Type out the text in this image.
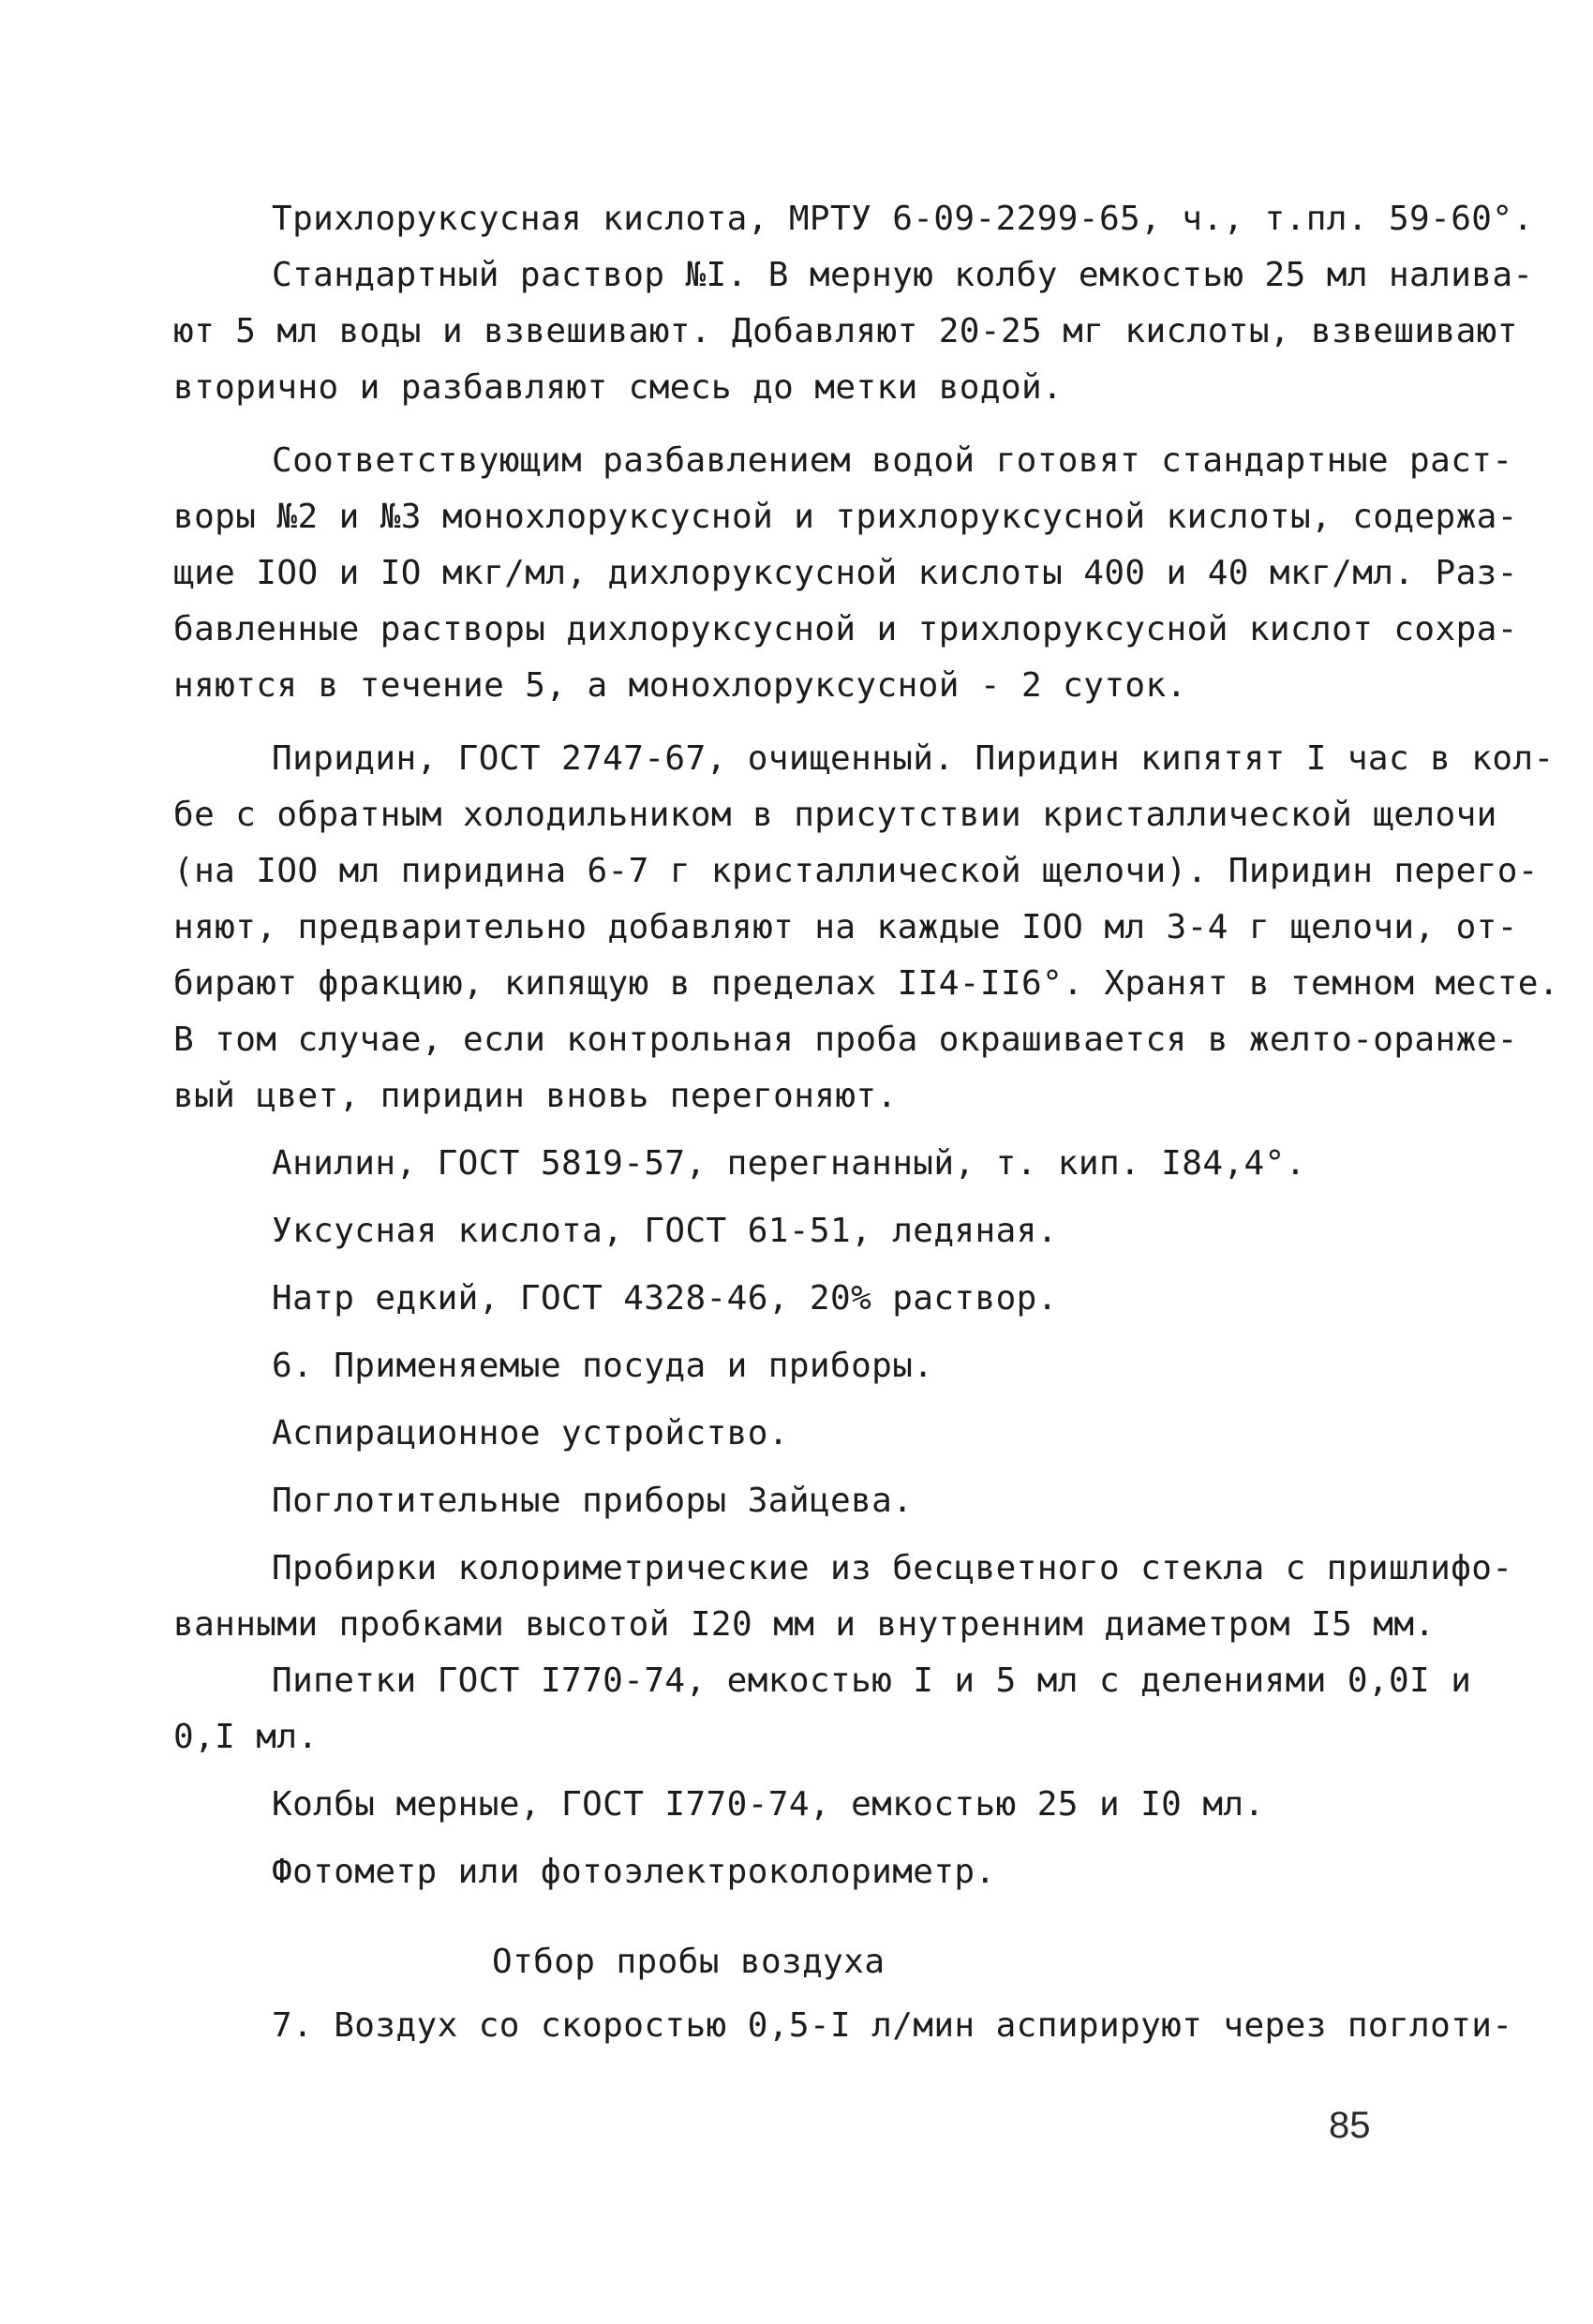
Трихлоруксусная кислота, МРТУ 6-09-2299-65, ч., т.пл. 59-60°.
Стандартный раствор №I. В мерную колбу емкостью 25 мл налива-
ют 5 мл воды и взвешивают. Добавляют 20-25 мг кислоты, взвешивают
вторично и разбавляют смесь до метки водой.
Соответствующим разбавлением водой готовят стандартные раст-
воры №2 и №3 монохлоруксусной и трихлоруксусной кислоты, содержа-
щие IOO и IO мкг/мл, дихлоруксусной кислоты 400 и 40 мкг/мл. Раз-
бавленные растворы дихлоруксусной и трихлоруксусной кислот сохра-
няются в течение 5, а монохлоруксусной - 2 суток.
Пиридин, ГОСТ 2747-67, очищенный. Пиридин кипятят I час в кол-
бе с обратным холодильником в присутствии кристаллической щелочи
(на IOO мл пиридина 6-7 г кристаллической щелочи). Пиридин перего-
няют, предварительно добавляют на каждые IOO мл 3-4 г щелочи, от-
бирают фракцию, кипящую в пределах II4-II6°. Хранят в темном месте.
В том случае, если контрольная проба окрашивается в желто-оранже-
вый цвет, пиридин вновь перегоняют.
Анилин, ГОСТ 5819-57, перегнанный, т. кип. I84,4°.
Уксусная кислота, ГОСТ 61-51, ледяная.
Натр едкий, ГОСТ 4328-46, 20% раствор.
6. Применяемые посуда и приборы.
Аспирационное устройство.
Поглотительные приборы Зайцева.
Пробирки колориметрические из бесцветного стекла с пришлифо-
ванными пробками высотой I20 мм и внутренним диаметром I5 мм.
Пипетки ГОСТ I770-74, емкостью I и 5 мл с делениями 0,0I и
0,I мл.
Колбы мерные, ГОСТ I770-74, емкостью 25 и I0 мл.
Фотометр или фотоэлектроколориметр.
Отбор пробы воздуха
7. Воздух со скоростью 0,5-I л/мин аспирируют через поглоти-
85
